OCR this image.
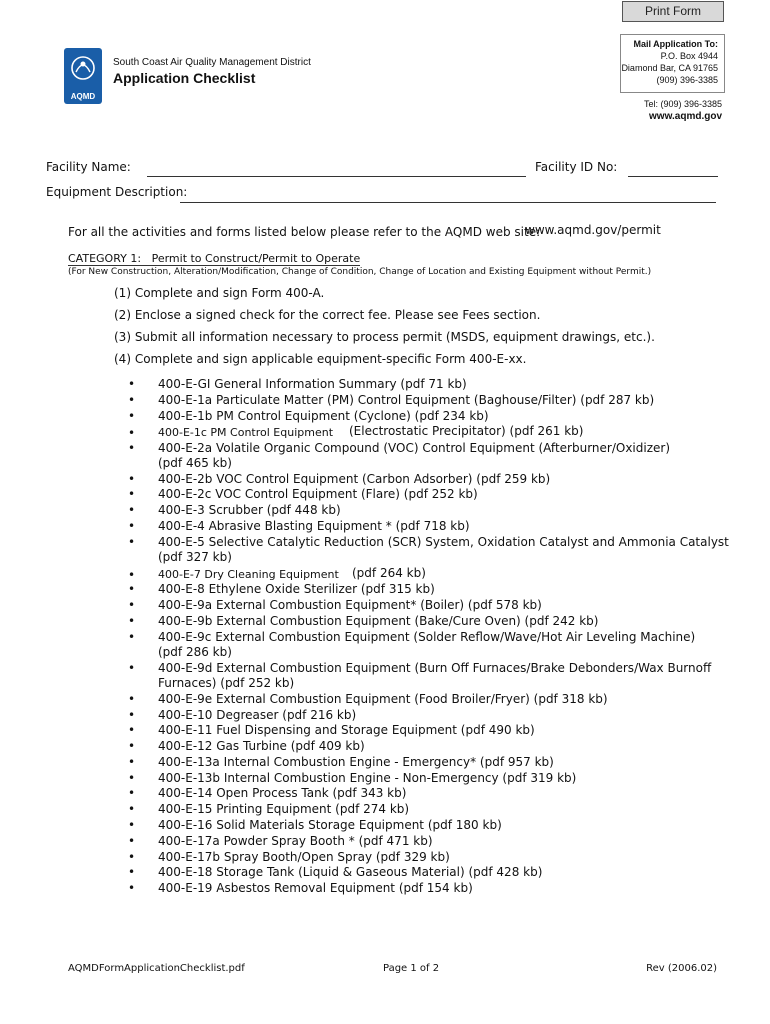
Print Form
Mail Application To:
P.O. Box 4944
Diamond Bar, CA 91765
(909) 396-3385
Tel: (909) 396-3385
www.aqmd.gov
AQMD
South Coast Air Quality Management District
Application Checklist
Facility Name:	Facility ID No:
Equipment Description:
For all the activities and forms listed below please refer to the AQMD web site:
www.aqmd.gov/permit
CATEGORY 1: Permit to Construct/Permit to Operate
(For New Construction, Alteration/Modification, Change of Condition, Change of Location and Existing Equipment without Permit.)
(1) Complete and sign Form 400-A.
(2) Enclose a signed check for the correct fee. Please see Fees section.
(3) Submit all information necessary to process permit (MSDS, equipment drawings, etc.).
(4) Complete and sign applicable equipment-specific Form 400-E-xx.
• 400-E-GI General Information Summary (pdf 71 kb)
• 400-E-1a Particulate Matter (PM) Control Equipment (Baghouse/Filter) (pdf 287 kb)
• 400-E-1b PM Control Equipment (Cyclone) (pdf 234 kb)
• 400-E-1c PM Control Equipment (Electrostatic Precipitator) (pdf 261 kb)
• 400-E-2a Volatile Organic Compound (VOC) Control Equipment (Afterburner/Oxidizer)
(pdf 465 kb)
• 400-E-2b VOC Control Equipment (Carbon Adsorber) (pdf 259 kb)
• 400-E-2c VOC Control Equipment (Flare) (pdf 252 kb)
• 400-E-3 Scrubber (pdf 448 kb)
• 400-E-4 Abrasive Blasting Equipment * (pdf 718 kb)
• 400-E-5 Selective Catalytic Reduction (SCR) System, Oxidation Catalyst and Ammonia Catalyst
(pdf 327 kb)
• 400-E-7 Dry Cleaning Equipment (pdf 264 kb)
• 400-E-8 Ethylene Oxide Sterilizer (pdf 315 kb)
• 400-E-9a External Combustion Equipment* (Boiler) (pdf 578 kb)
• 400-E-9b External Combustion Equipment (Bake/Cure Oven) (pdf 242 kb)
• 400-E-9c External Combustion Equipment (Solder Reflow/Wave/Hot Air Leveling Machine)
(pdf 286 kb)
• 400-E-9d External Combustion Equipment (Burn Off Furnaces/Brake Debonders/Wax Burnoff
Furnaces) (pdf 252 kb)
• 400-E-9e External Combustion Equipment (Food Broiler/Fryer) (pdf 318 kb)
• 400-E-10 Degreaser (pdf 216 kb)
• 400-E-11 Fuel Dispensing and Storage Equipment (pdf 490 kb)
• 400-E-12 Gas Turbine (pdf 409 kb)
• 400-E-13a Internal Combustion Engine - Emergency* (pdf 957 kb)
• 400-E-13b Internal Combustion Engine - Non-Emergency (pdf 319 kb)
• 400-E-14 Open Process Tank (pdf 343 kb)
• 400-E-15 Printing Equipment (pdf 274 kb)
• 400-E-16 Solid Materials Storage Equipment (pdf 180 kb)
• 400-E-17a Powder Spray Booth * (pdf 471 kb)
• 400-E-17b Spray Booth/Open Spray (pdf 329 kb)
• 400-E-18 Storage Tank (Liquid & Gaseous Material) (pdf 428 kb)
• 400-E-19 Asbestos Removal Equipment (pdf 154 kb)
AQMDFormApplicationChecklist.pdf	Page 1 of 2	Rev (2006.02)
